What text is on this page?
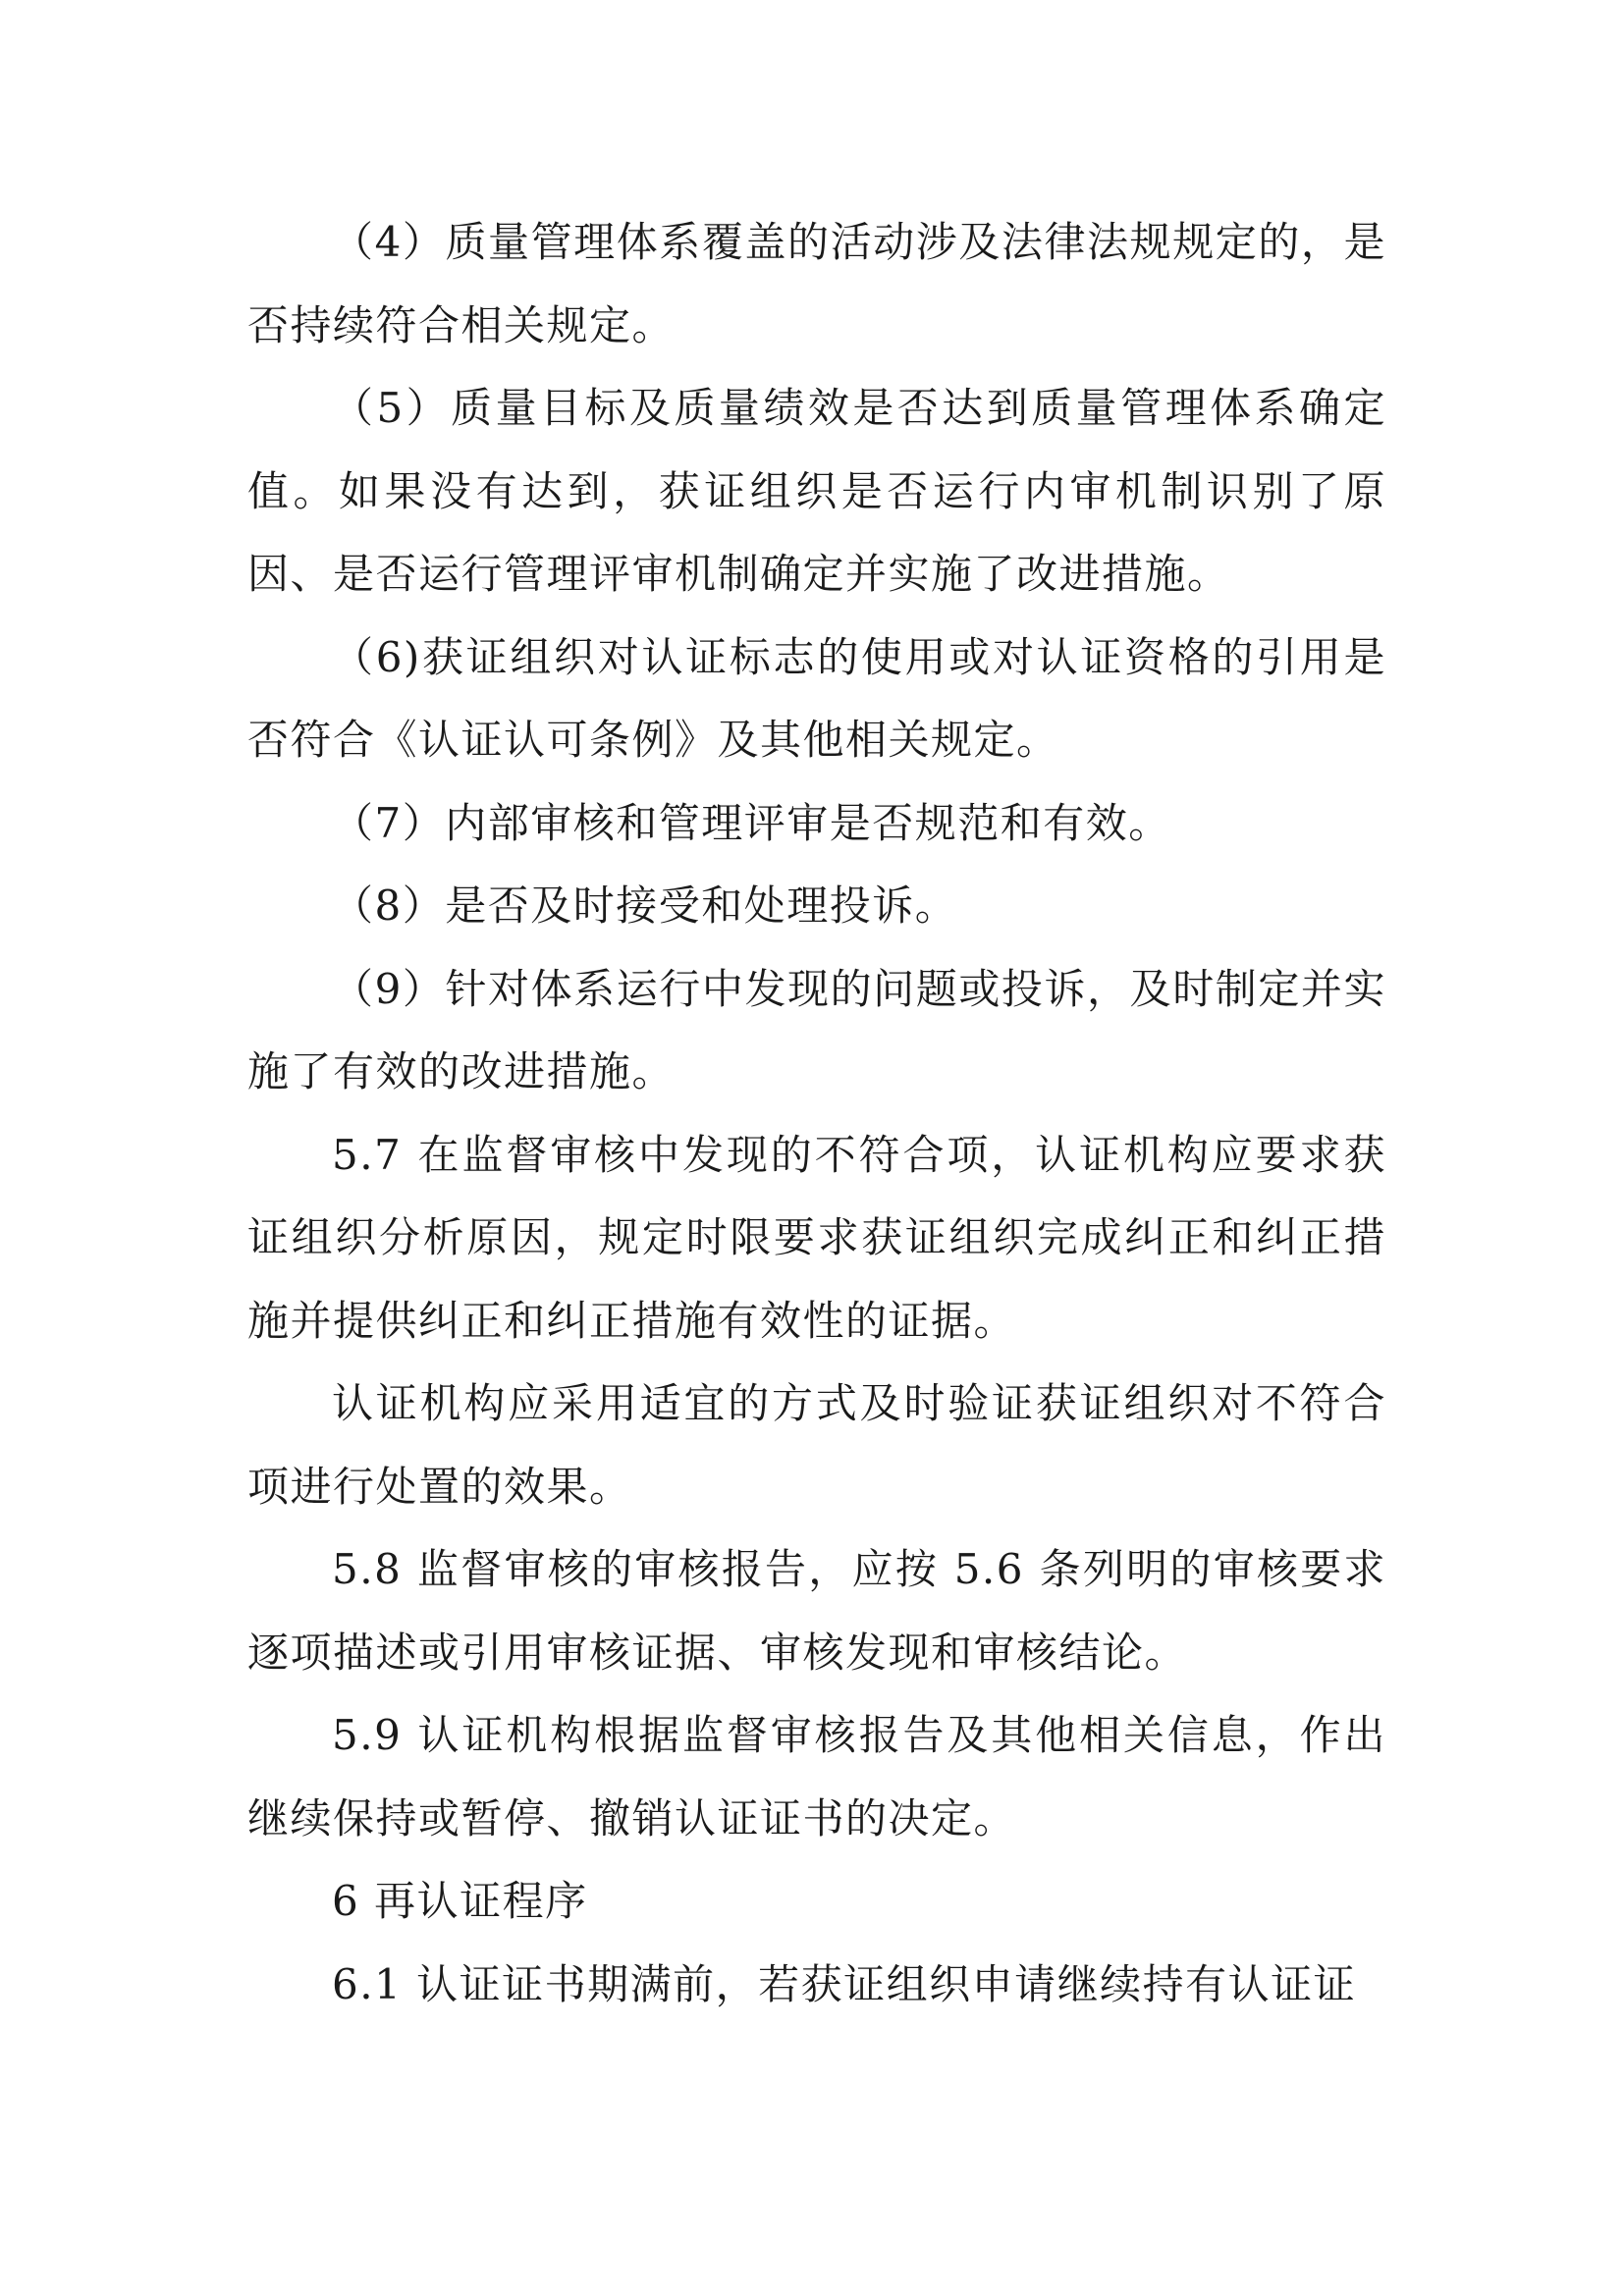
（4）质量管理体系覆盖的活动涉及法律法规规定的，是否持续符合相关规定。

（5）质量目标及质量绩效是否达到质量管理体系确定值。如果没有达到，获证组织是否运行内审机制识别了原因、是否运行管理评审机制确定并实施了改进措施。

（6)获证组织对认证标志的使用或对认证资格的引用是否符合《认证认可条例》及其他相关规定。

（7）内部审核和管理评审是否规范和有效。

（8）是否及时接受和处理投诉。

（9）针对体系运行中发现的问题或投诉，及时制定并实施了有效的改进措施。

5.7 在监督审核中发现的不符合项，认证机构应要求获证组织分析原因，规定时限要求获证组织完成纠正和纠正措施并提供纠正和纠正措施有效性的证据。

认证机构应采用适宜的方式及时验证获证组织对不符合项进行处置的效果。

5.8 监督审核的审核报告，应按 5.6 条列明的审核要求逐项描述或引用审核证据、审核发现和审核结论。

5.9 认证机构根据监督审核报告及其他相关信息，作出继续保持或暂停、撤销认证证书的决定。

6 再认证程序

6.1 认证证书期满前，若获证组织申请继续持有认证证
